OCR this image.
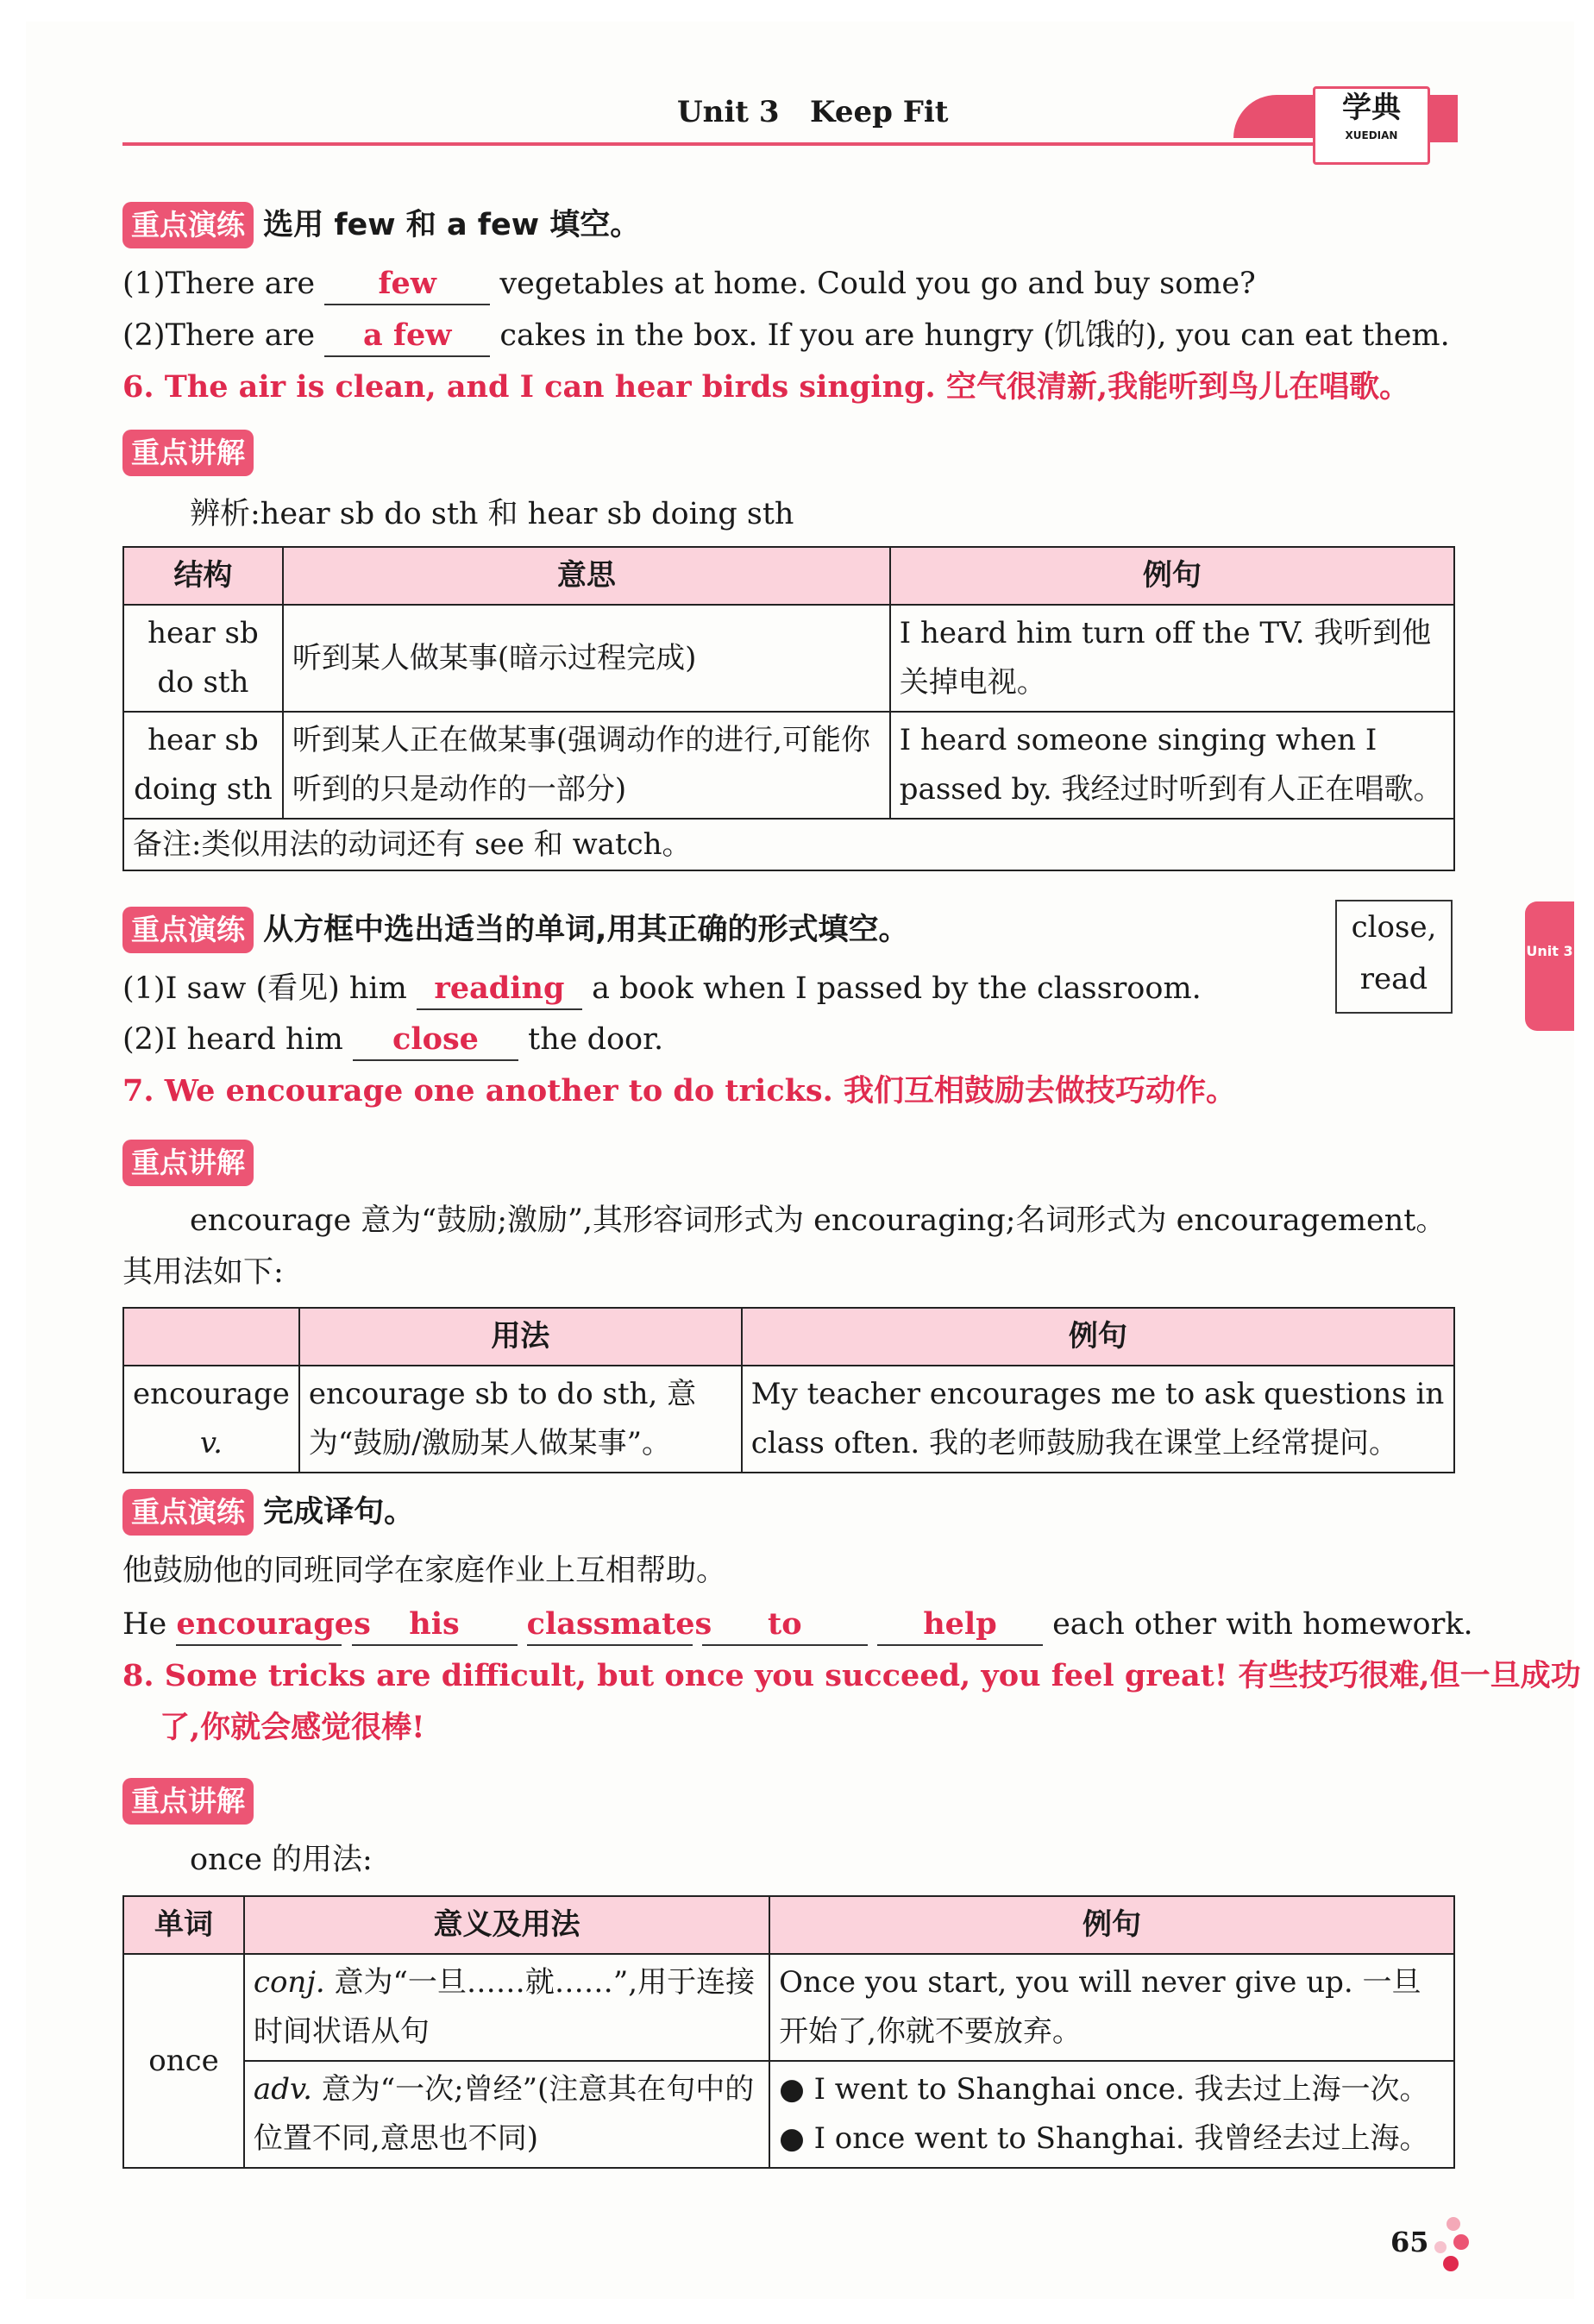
Unit 3 Keep Fit	学典
XUEDIAN
重点演练 选用 few 和 a few 填空。
(1)There are few vegetables at home. Could you go and buy some?
(2)There are a few cakes in the box. If you are hungry (饥饿的), you can eat them.
6. The air is clean, and I can hear birds singing. 空气很清新,我能听到鸟儿在唱歌。
重点讲解
辨析:hear sb do sth 和 hear sb doing sth
结构	意思	例句
hear sb
do sth	听到某人做某事(暗示过程完成)	I heard him turn off the TV. 我听到他关掉电视。
hear sb
doing sth	听到某人正在做某事(强调动作的进行,可能你听到的只是动作的一部分)	I heard someone singing when I passed by. 我经过时听到有人正在唱歌。
备注:类似用法的动词还有 see 和 watch。		
重点演练 从方框中选出适当的单词,用其正确的形式填空。	close,
read
(1)I saw (看见) him reading a book when I passed by the classroom.
(2)I heard him close the door.
7. We encourage one another to do tricks. 我们互相鼓励去做技巧动作。
重点讲解
encourage 意为“鼓励;激励”,其形容词形式为 encouraging;名词形式为 encouragement。
其用法如下:
	用法	例句
encourage
v.	encourage sb to do sth, 意为“鼓励/激励某人做某事”。	My teacher encourages me to ask questions in class often. 我的老师鼓励我在课堂上经常提问。
重点演练 完成译句。
他鼓励他的同班同学在家庭作业上互相帮助。
He encourages his classmates to	help each other with homework.
8. Some tricks are difficult, but once you succeed, you feel great! 有些技巧很难,但一旦成功
了,你就会感觉很棒!
重点讲解
once 的用法:
单词	意义及用法	例句
once	conj. 意为“一旦……就……”,用于连接时间状语从句	Once you start, you will never give up. 一旦开始了,你就不要放弃。
	adv. 意为“一次;曾经”(注意其在句中的位置不同,意思也不同)	● I went to Shanghai once. 我去过上海一次。
● I once went to Shanghai. 我曾经去过上海。
Unit 3
65
